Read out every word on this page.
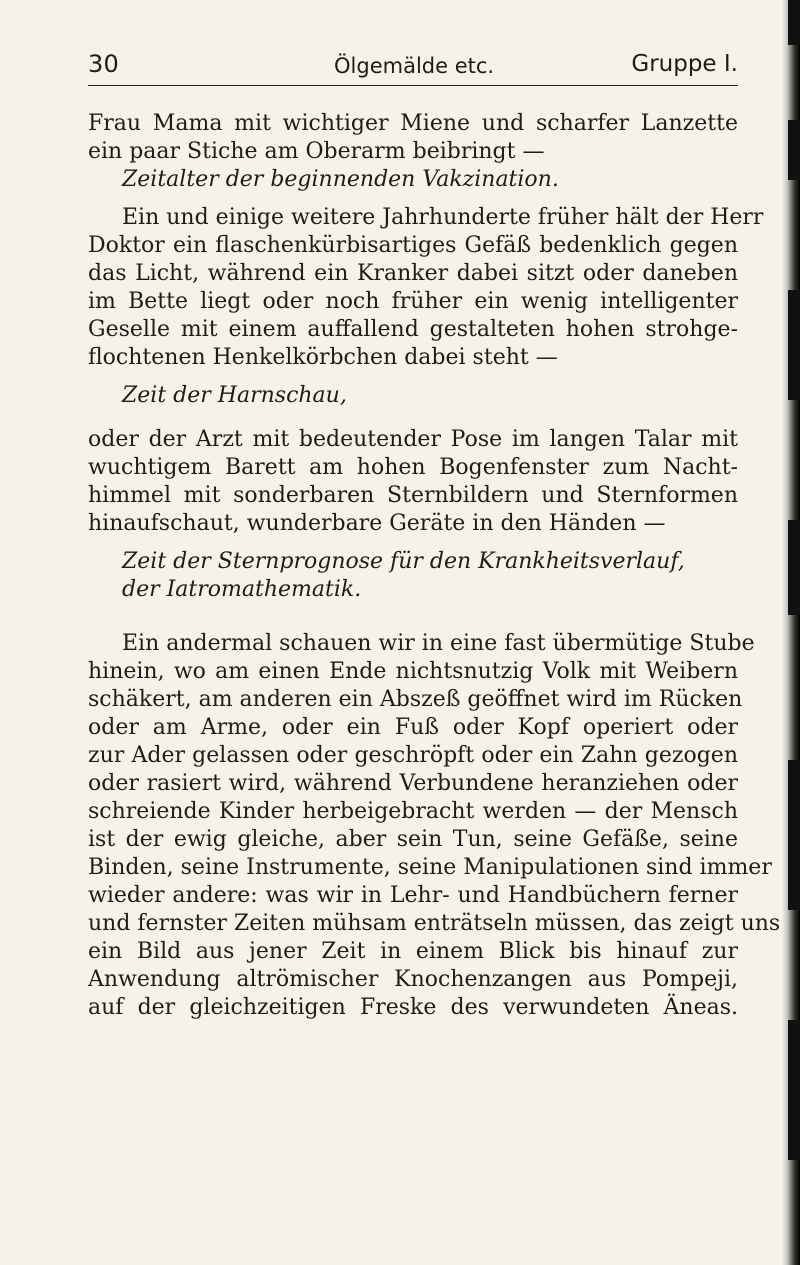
30	Ölgemälde etc.	Gruppe I.
Frau Mama mit wichtiger Miene und scharfer Lanzette
ein paar Stiche am Oberarm beibringt —
Zeitalter der beginnenden Vakzination.
Ein und einige weitere Jahrhunderte früher hält der Herr
Doktor ein flaschenkürbisartiges Gefäß bedenklich gegen
das Licht, während ein Kranker dabei sitzt oder daneben
im Bette liegt oder noch früher ein wenig intelligenter
Geselle mit einem auffallend gestalteten hohen strohge-
flochtenen Henkelkörbchen dabei steht —
Zeit der Harnschau,
oder der Arzt mit bedeutender Pose im langen Talar mit
wuchtigem Barett am hohen Bogenfenster zum Nacht-
himmel mit sonderbaren Sternbildern und Sternformen
hinaufschaut, wunderbare Geräte in den Händen —
Zeit der Sternprognose für den Krankheitsverlauf,
der Iatromathematik.
Ein andermal schauen wir in eine fast übermütige Stube
hinein, wo am einen Ende nichtsnutzig Volk mit Weibern
schäkert, am anderen ein Abszeß geöffnet wird im Rücken
oder am Arme, oder ein Fuß oder Kopf operiert oder
zur Ader gelassen oder geschröpft oder ein Zahn gezogen
oder rasiert wird, während Verbundene heranziehen oder
schreiende Kinder herbeigebracht werden — der Mensch
ist der ewig gleiche, aber sein Tun, seine Gefäße, seine
Binden, seine Instrumente, seine Manipulationen sind immer
wieder andere: was wir in Lehr- und Handbüchern ferner
und fernster Zeiten mühsam enträtseln müssen, das zeigt uns
ein Bild aus jener Zeit in einem Blick bis hinauf zur
Anwendung altrömischer Knochenzangen aus Pompeji,
auf der gleichzeitigen Freske des verwundeten Äneas.
